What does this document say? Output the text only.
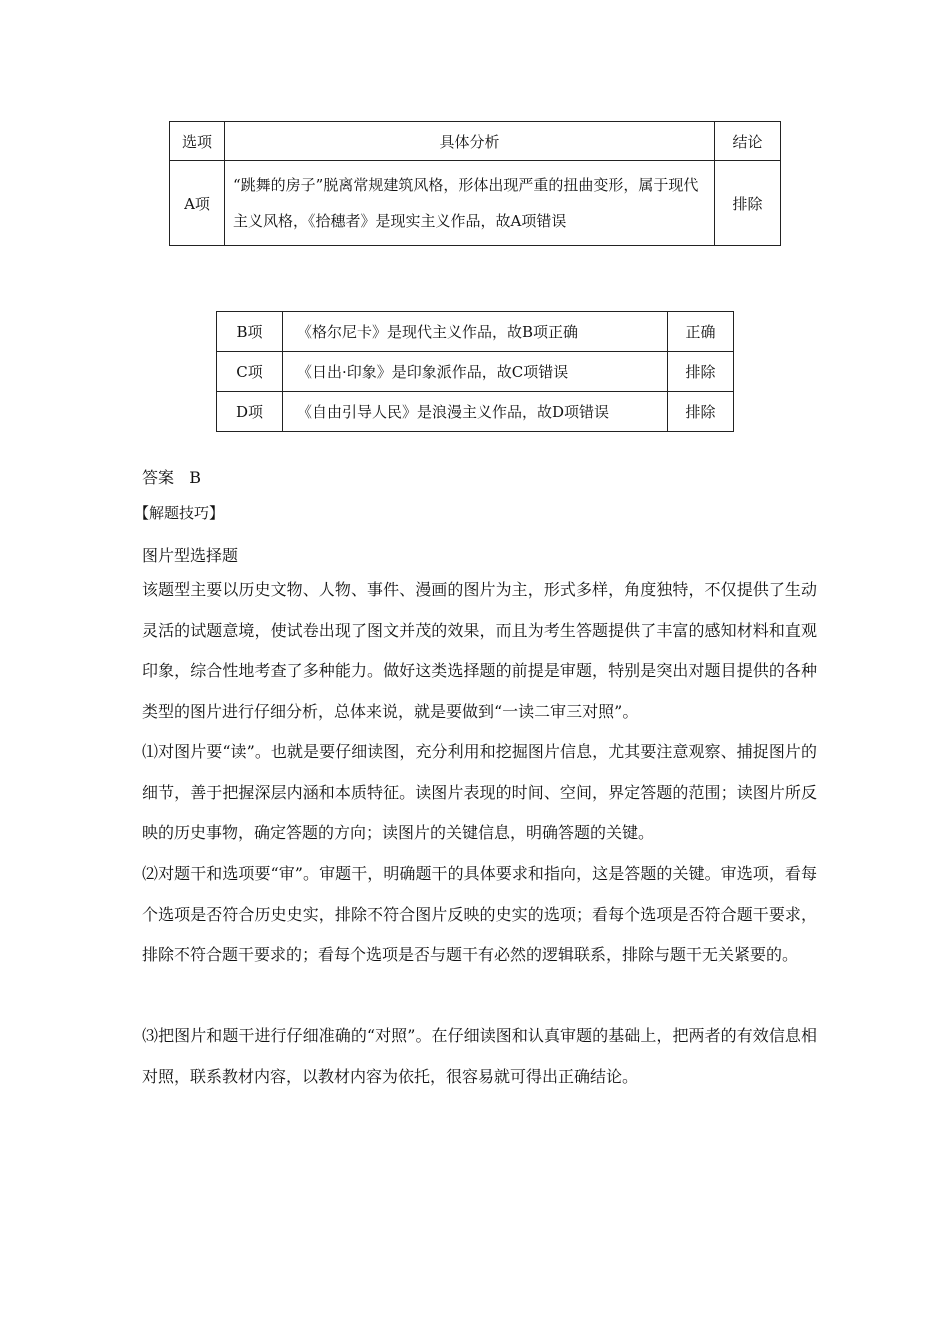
选项	具体分析	结论
A项	“跳舞的房子”脱离常规建筑风格，形体出现严重的扭曲变形，属于现代主义风格，《拾穗者》是现实主义作品，故A项错误	排除
B项	《格尔尼卡》是现代主义作品，故B项正确	正确
C项	《日出·印象》是印象派作品，故C项错误	排除
D项	《自由引导人民》是浪漫主义作品，故D项错误	排除
答案 B
【解题技巧】
图片型选择题
该题型主要以历史文物、人物、事件、漫画的图片为主，形式多样，角度独特，不仅提供了生动灵活的试题意境，使试卷出现了图文并茂的效果，而且为考生答题提供了丰富的感知材料和直观印象，综合性地考查了多种能力。做好这类选择题的前提是审题，特别是突出对题目提供的各种类型的图片进行仔细分析，总体来说，就是要做到“一读二审三对照”。
⑴对图片要“读”。也就是要仔细读图，充分利用和挖掘图片信息，尤其要注意观察、捕捉图片的细节，善于把握深层内涵和本质特征。读图片表现的时间、空间，界定答题的范围；读图片所反映的历史事物，确定答题的方向；读图片的关键信息，明确答题的关键。
⑵对题干和选项要“审”。审题干，明确题干的具体要求和指向，这是答题的关键。审选项，看每个选项是否符合历史史实，排除不符合图片反映的史实的选项；看每个选项是否符合题干要求，排除不符合题干要求的；看每个选项是否与题干有必然的逻辑联系，排除与题干无关紧要的。
⑶把图片和题干进行仔细准确的“对照”。在仔细读图和认真审题的基础上，把两者的有效信息相对照，联系教材内容，以教材内容为依托，很容易就可得出正确结论。
